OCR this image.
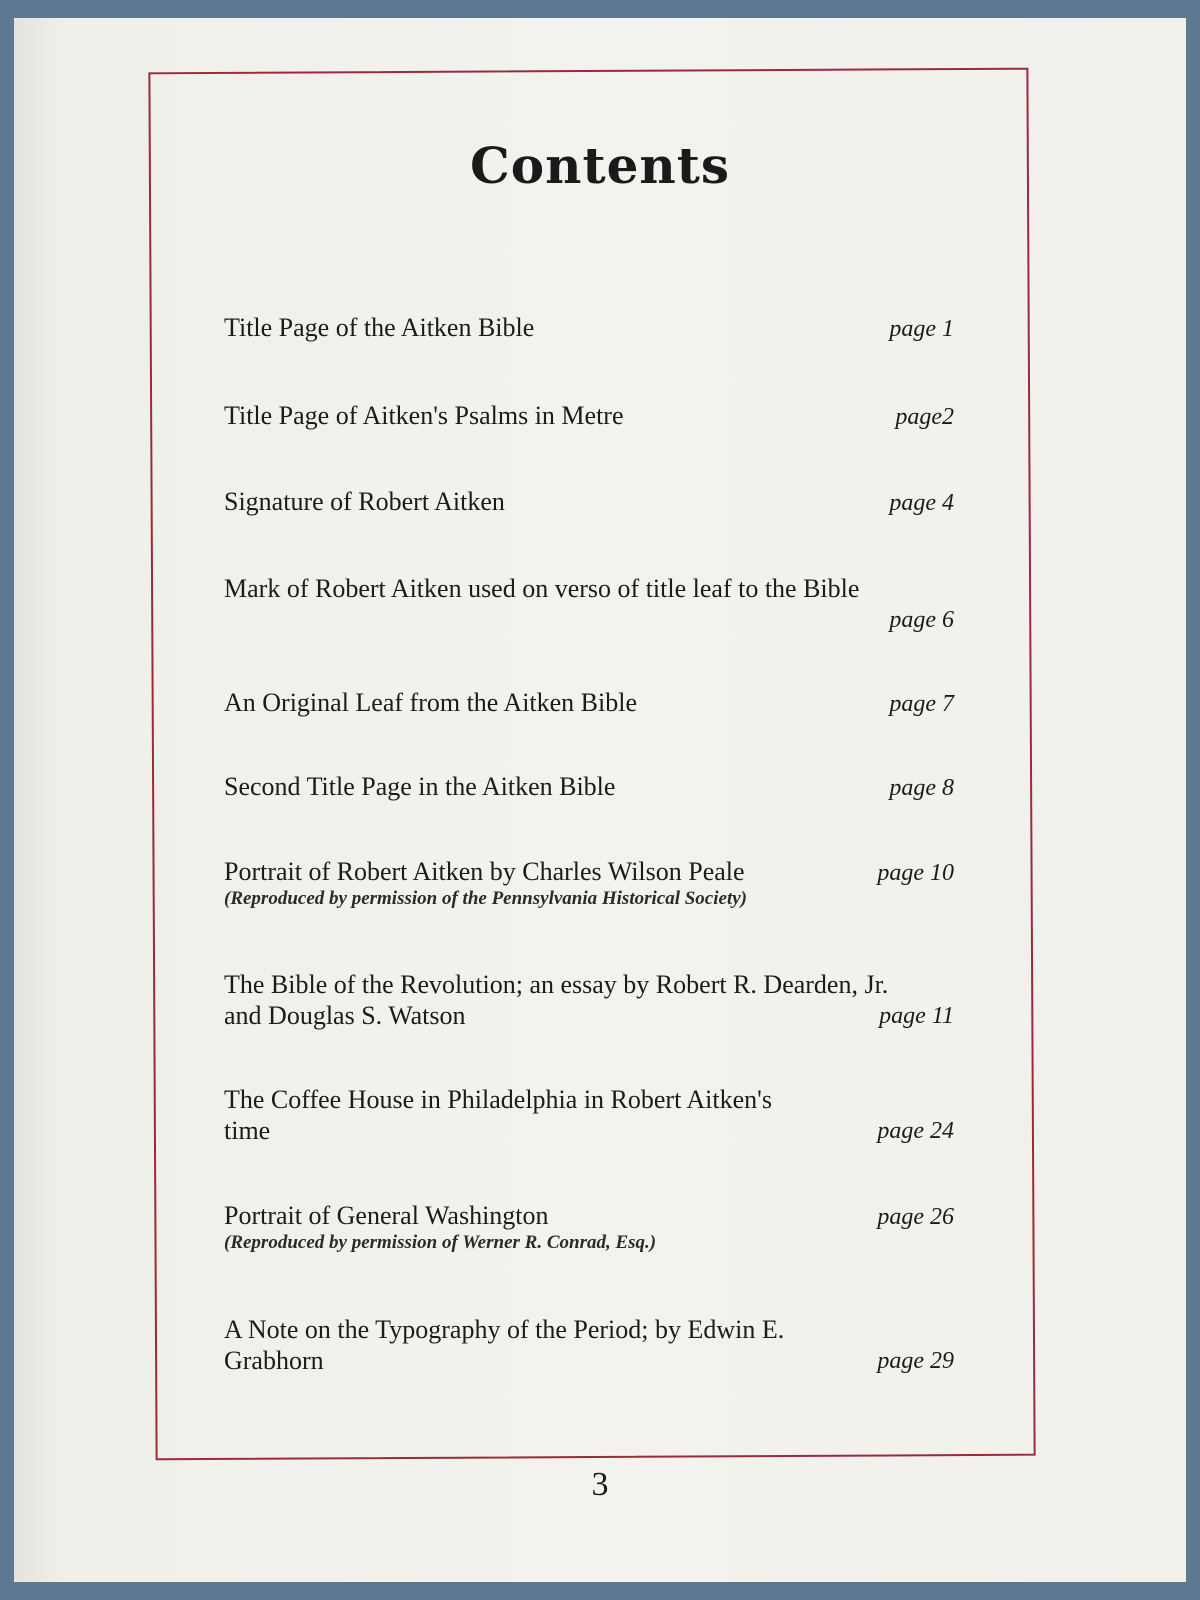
Contents
Title Page of the Aitken Bible	page 1
Title Page of Aitken's Psalms in Metre	page2
Signature of Robert Aitken	page 4
Mark of Robert Aitken used on verso of title leaf to the Bible
page 6
An Original Leaf from the Aitken Bible	page 7
Second Title Page in the Aitken Bible	page 8
Portrait of Robert Aitken by Charles Wilson Peale
(Reproduced by permission of the Pennsylvania Historical Society)
page 10
The Bible of the Revolution; an essay by Robert R. Dearden, Jr.
and Douglas S. Watson	page 11
The Coffee House in Philadelphia in Robert Aitken's
time	page 24
Portrait of General Washington
(Reproduced by permission of Werner R. Conrad, Esq.)
page 26
A Note on the Typography of the Period; by Edwin E.
Grabhorn	page 29
3
